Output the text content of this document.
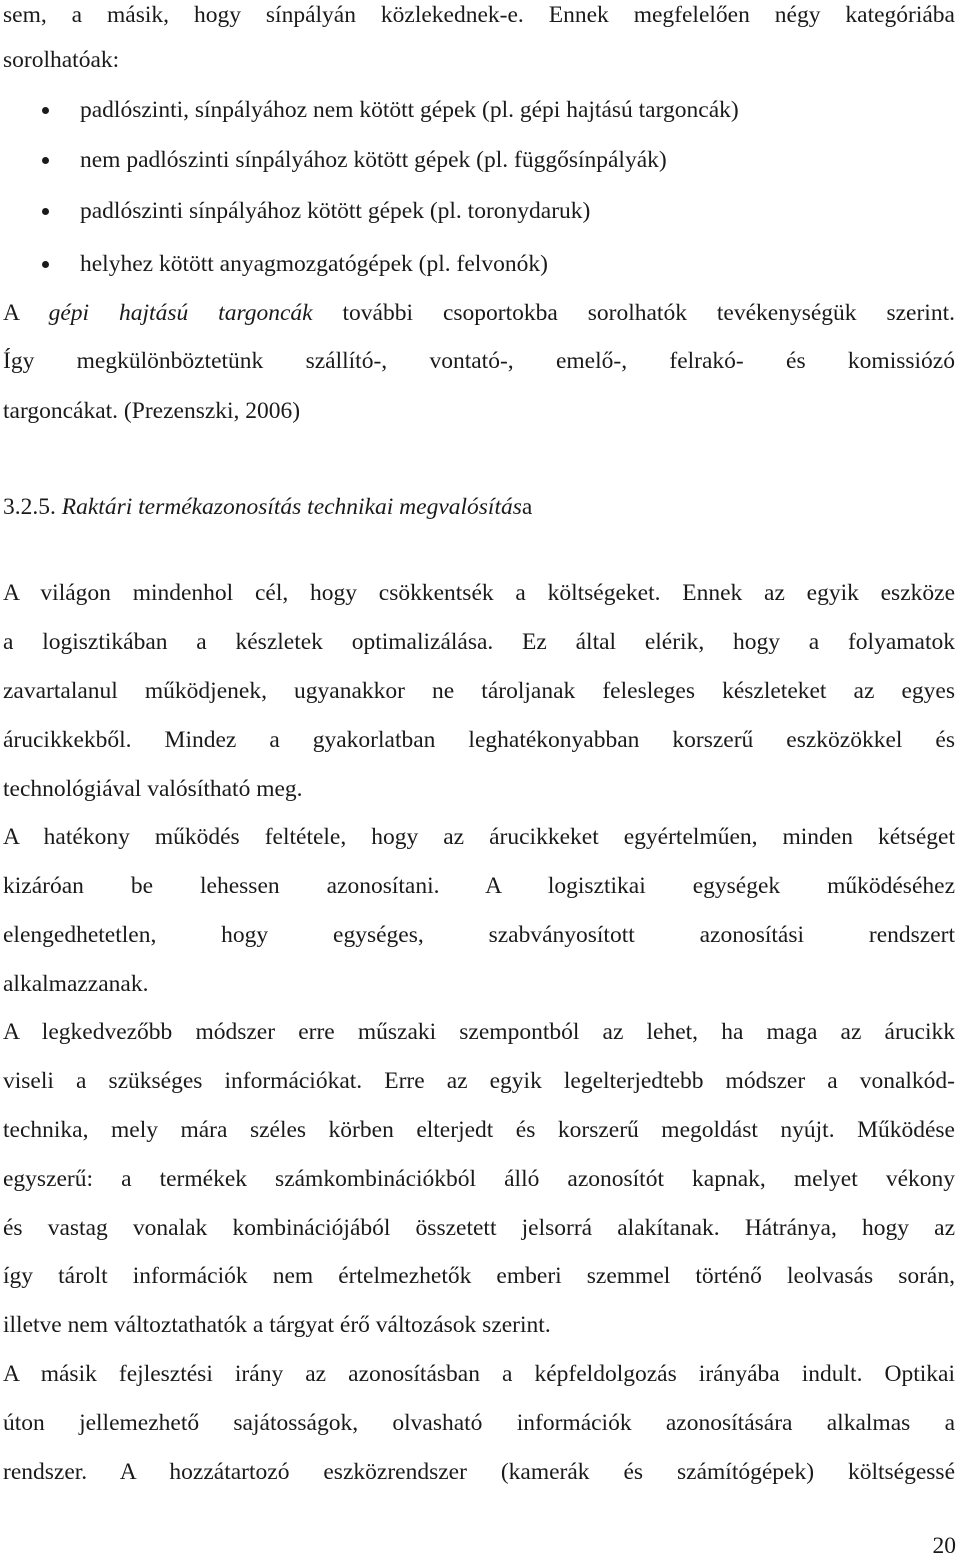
sem, a másik, hogy sínpályán közlekednek-e. Ennek megfelelően négy kategóriába
sorolhatóak:
padlószinti, sínpályához nem kötött gépek (pl. gépi hajtású targoncák)
nem padlószinti sínpályához kötött gépek (pl. függősínpályák)
padlószinti sínpályához kötött gépek (pl. toronydaruk)
helyhez kötött anyagmozgatógépek (pl. felvonók)
A gépi hajtású targoncák további csoportokba sorolhatók tevékenységük szerint.
Így megkülönböztetünk szállító-, vontató-, emelő-, felrakó- és komissiózó
targoncákat. (Prezenszki, 2006)
3.2.5. Raktári termékazonosítás technikai megvalósítása
A világon mindenhol cél, hogy csökkentsék a költségeket. Ennek az egyik eszköze
a logisztikában a készletek optimalizálása. Ez által elérik, hogy a folyamatok
zavartalanul működjenek, ugyanakkor ne tároljanak felesleges készleteket az egyes
árucikkekből. Mindez a gyakorlatban leghatékonyabban korszerű eszközökkel és
technológiával valósítható meg.
A hatékony működés feltétele, hogy az árucikkeket egyértelműen, minden kétséget
kizáróan be lehessen azonosítani. A logisztikai egységek működéséhez
elengedhetetlen, hogy egységes, szabványosított azonosítási rendszert
alkalmazzanak.
A legkedvezőbb módszer erre műszaki szempontból az lehet, ha maga az árucikk
viseli a szükséges információkat. Erre az egyik legelterjedtebb módszer a vonalkód-
technika, mely mára széles körben elterjedt és korszerű megoldást nyújt. Működése
egyszerű: a termékek számkombinációkból álló azonosítót kapnak, melyet vékony
és vastag vonalak kombinációjából összetett jelsorrá alakítanak. Hátránya, hogy az
így tárolt információk nem értelmezhetők emberi szemmel történő leolvasás során,
illetve nem változtathatók a tárgyat érő változások szerint.
A másik fejlesztési irány az azonosításban a képfeldolgozás irányába indult. Optikai
úton jellemezhető sajátosságok, olvasható információk azonosítására alkalmas a
rendszer. A hozzátartozó eszközrendszer (kamerák és számítógépek) költségessé
20
